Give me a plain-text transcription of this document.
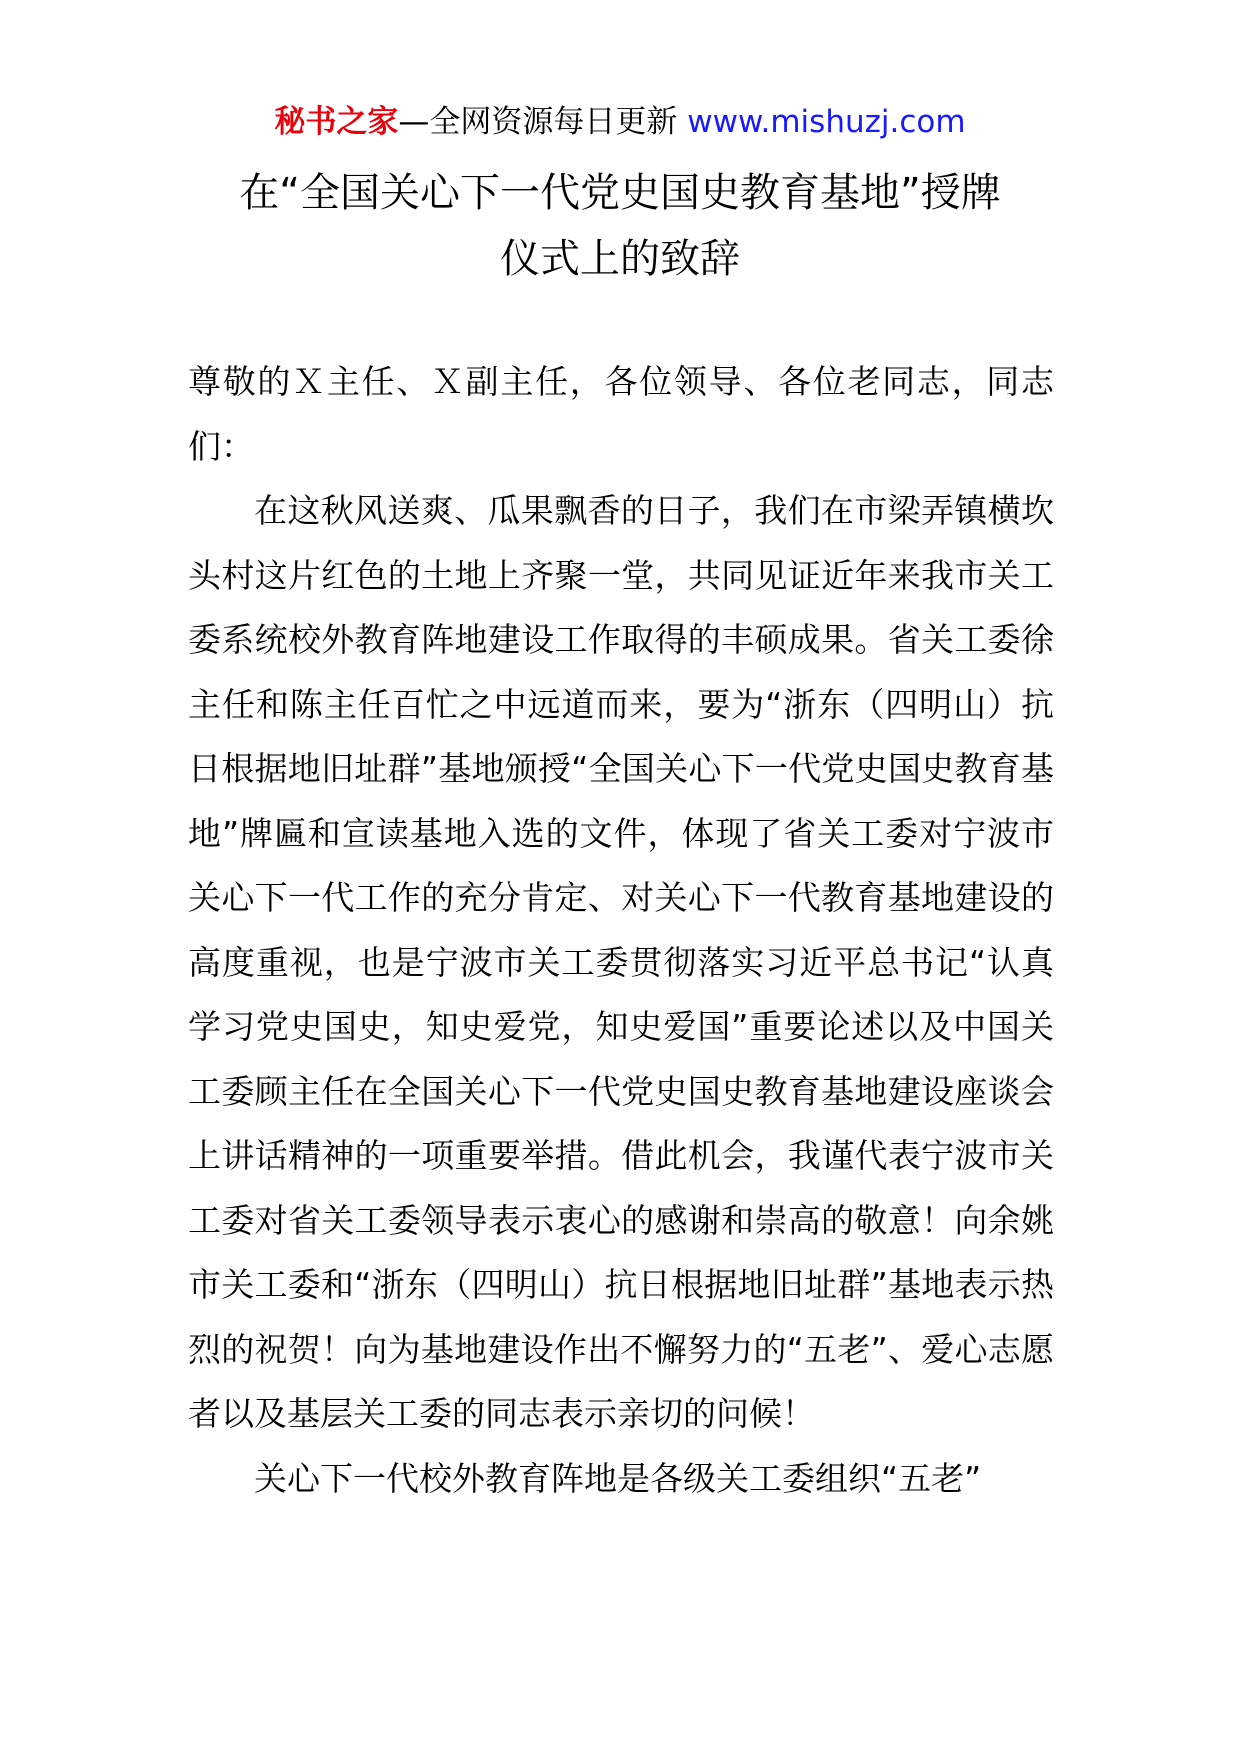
秘书之家—全网资源每日更新 www.mishuzj.com
在“全国关心下一代党史国史教育基地”授牌
仪式上的致辞

尊敬的Ｘ主任、Ｘ副主任，各位领导、各位老同志，同志们：

在这秋风送爽、瓜果飘香的日子，我们在市梁弄镇横坎头村这片红色的土地上齐聚一堂，共同见证近年来我市关工委系统校外教育阵地建设工作取得的丰硕成果。省关工委徐主任和陈主任百忙之中远道而来，要为“浙东（四明山）抗日根据地旧址群”基地颁授“全国关心下一代党史国史教育基地”牌匾和宣读基地入选的文件，体现了省关工委对宁波市关心下一代工作的充分肯定、对关心下一代教育基地建设的高度重视，也是宁波市关工委贯彻落实习近平总书记“认真学习党史国史，知史爱党，知史爱国”重要论述以及中国关工委顾主任在全国关心下一代党史国史教育基地建设座谈会上讲话精神的一项重要举措。借此机会，我谨代表宁波市关工委对省关工委领导表示衷心的感谢和崇高的敬意！向余姚市关工委和“浙东（四明山）抗日根据地旧址群”基地表示热烈的祝贺！向为基地建设作出不懈努力的“五老”、爱心志愿者以及基层关工委的同志表示亲切的问候！

关心下一代校外教育阵地是各级关工委组织“五老”
